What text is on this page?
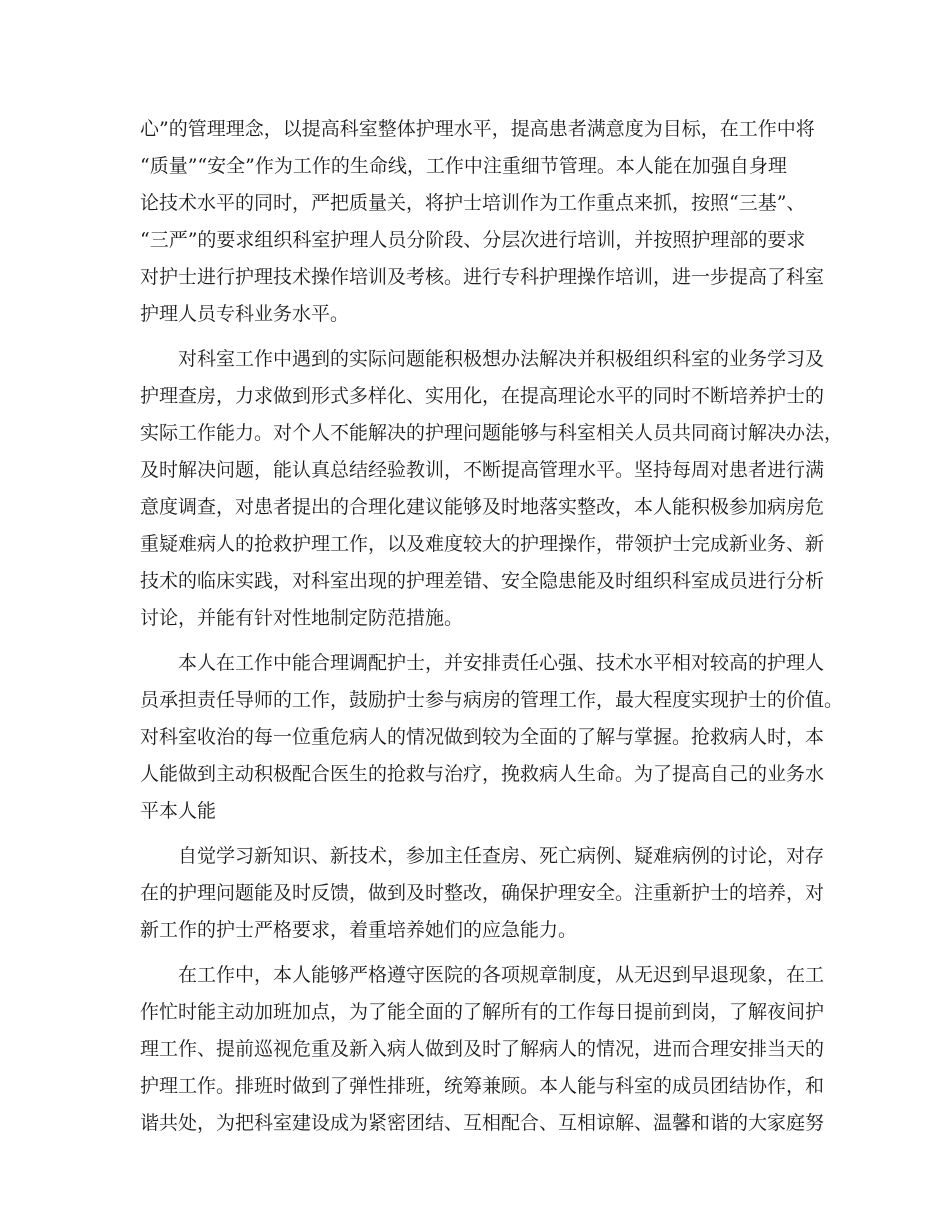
心”的管理理念，以提高科室整体护理水平，提高患者满意度为目标，在工作中将
“质量”“安全”作为工作的生命线，工作中注重细节管理。本人能在加强自身理
论技术水平的同时，严把质量关，将护士培训作为工作重点来抓，按照“三基”、
“三严”的要求组织科室护理人员分阶段、分层次进行培训，并按照护理部的要求
对护士进行护理技术操作培训及考核。进行专科护理操作培训，进一步提高了科室
护理人员专科业务水平。
对科室工作中遇到的实际问题能积极想办法解决并积极组织科室的业务学习及
护理查房，力求做到形式多样化、实用化，在提高理论水平的同时不断培养护士的
实际工作能力。对个人不能解决的护理问题能够与科室相关人员共同商讨解决办法，
及时解决问题，能认真总结经验教训，不断提高管理水平。坚持每周对患者进行满
意度调查，对患者提出的合理化建议能够及时地落实整改，本人能积极参加病房危
重疑难病人的抢救护理工作，以及难度较大的护理操作，带领护士完成新业务、新
技术的临床实践，对科室出现的护理差错、安全隐患能及时组织科室成员进行分析
讨论，并能有针对性地制定防范措施。
本人在工作中能合理调配护士，并安排责任心强、技术水平相对较高的护理人
员承担责任导师的工作，鼓励护士参与病房的管理工作，最大程度实现护士的价值。
对科室收治的每一位重危病人的情况做到较为全面的了解与掌握。抢救病人时，本
人能做到主动积极配合医生的抢救与治疗，挽救病人生命。为了提高自己的业务水
平本人能
自觉学习新知识、新技术，参加主任查房、死亡病例、疑难病例的讨论，对存
在的护理问题能及时反馈，做到及时整改，确保护理安全。注重新护士的培养，对
新工作的护士严格要求，着重培养她们的应急能力。
在工作中，本人能够严格遵守医院的各项规章制度，从无迟到早退现象，在工
作忙时能主动加班加点，为了能全面的了解所有的工作每日提前到岗，了解夜间护
理工作、提前巡视危重及新入病人做到及时了解病人的情况，进而合理安排当天的
护理工作。排班时做到了弹性排班，统筹兼顾。本人能与科室的成员团结协作，和
谐共处，为把科室建设成为紧密团结、互相配合、互相谅解、温馨和谐的大家庭努
